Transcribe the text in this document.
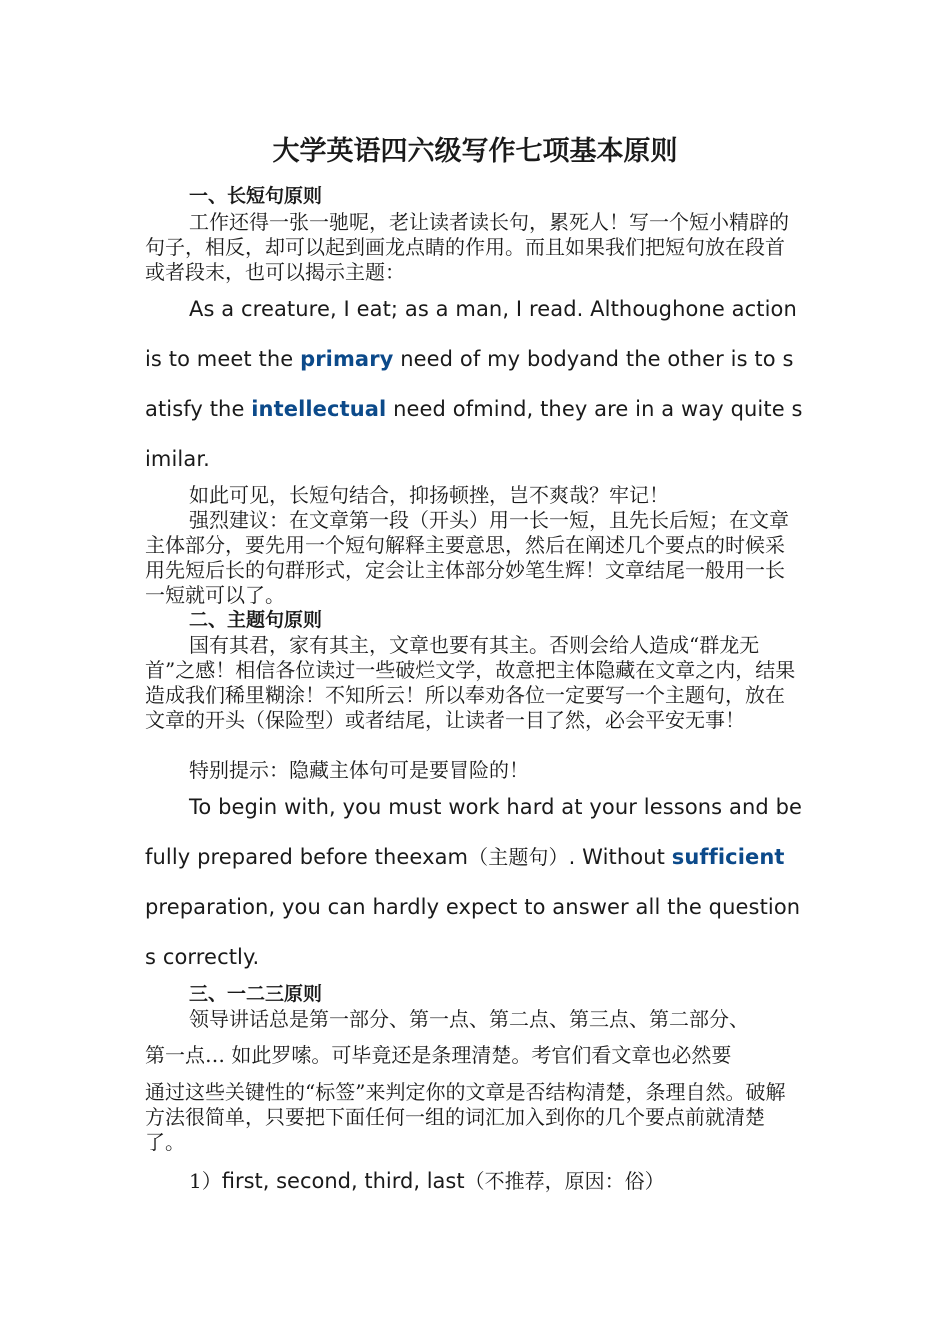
大学英语四六级写作七项基本原则
一、长短句原则

工作还得一张一驰呢，老让读者读长句，累死人！写一个短小精辟的句子，相反，却可以起到画龙点睛的作用。而且如果我们把短句放在段首或者段末，也可以揭示主题：

As a creature, I eat; as a man, I read. Althoughone action is to meet the primary need of my bodyand the other is to satisfy the intellectual need ofmind, they are in a way quite similar.

如此可见，长短句结合，抑扬顿挫，岂不爽哉？牢记！

强烈建议：在文章第一段（开头）用一长一短，且先长后短；在文章主体部分，要先用一个短句解释主要意思，然后在阐述几个要点的时候采用先短后长的句群形式，定会让主体部分妙笔生辉！文章结尾一般用一长一短就可以了。

二、主题句原则

国有其君，家有其主，文章也要有其主。否则会给人造成“群龙无首”之感！相信各位读过一些破烂文学，故意把主体隐藏在文章之内，结果造成我们稀里糊涂！不知所云！所以奉劝各位一定要写一个主题句，放在文章的开头（保险型）或者结尾，让读者一目了然，必会平安无事！

特别提示：隐藏主体句可是要冒险的！

To begin with, you must work hard at your lessons and be fully prepared before theexam（主题句）. Without sufficient preparation, you can hardly expect to answer all the questions correctly.

三、一二三原则

领导讲话总是第一部分、第一点、第二点、第三点、第二部分、

第一点… 如此罗嗦。可毕竟还是条理清楚。考官们看文章也必然要

通过这些关键性的“标签”来判定你的文章是否结构清楚，条理自然。破解方法很简单，只要把下面任何一组的词汇加入到你的几个要点前就清楚了。

1）first, second, third, last（不推荐，原因：俗）
